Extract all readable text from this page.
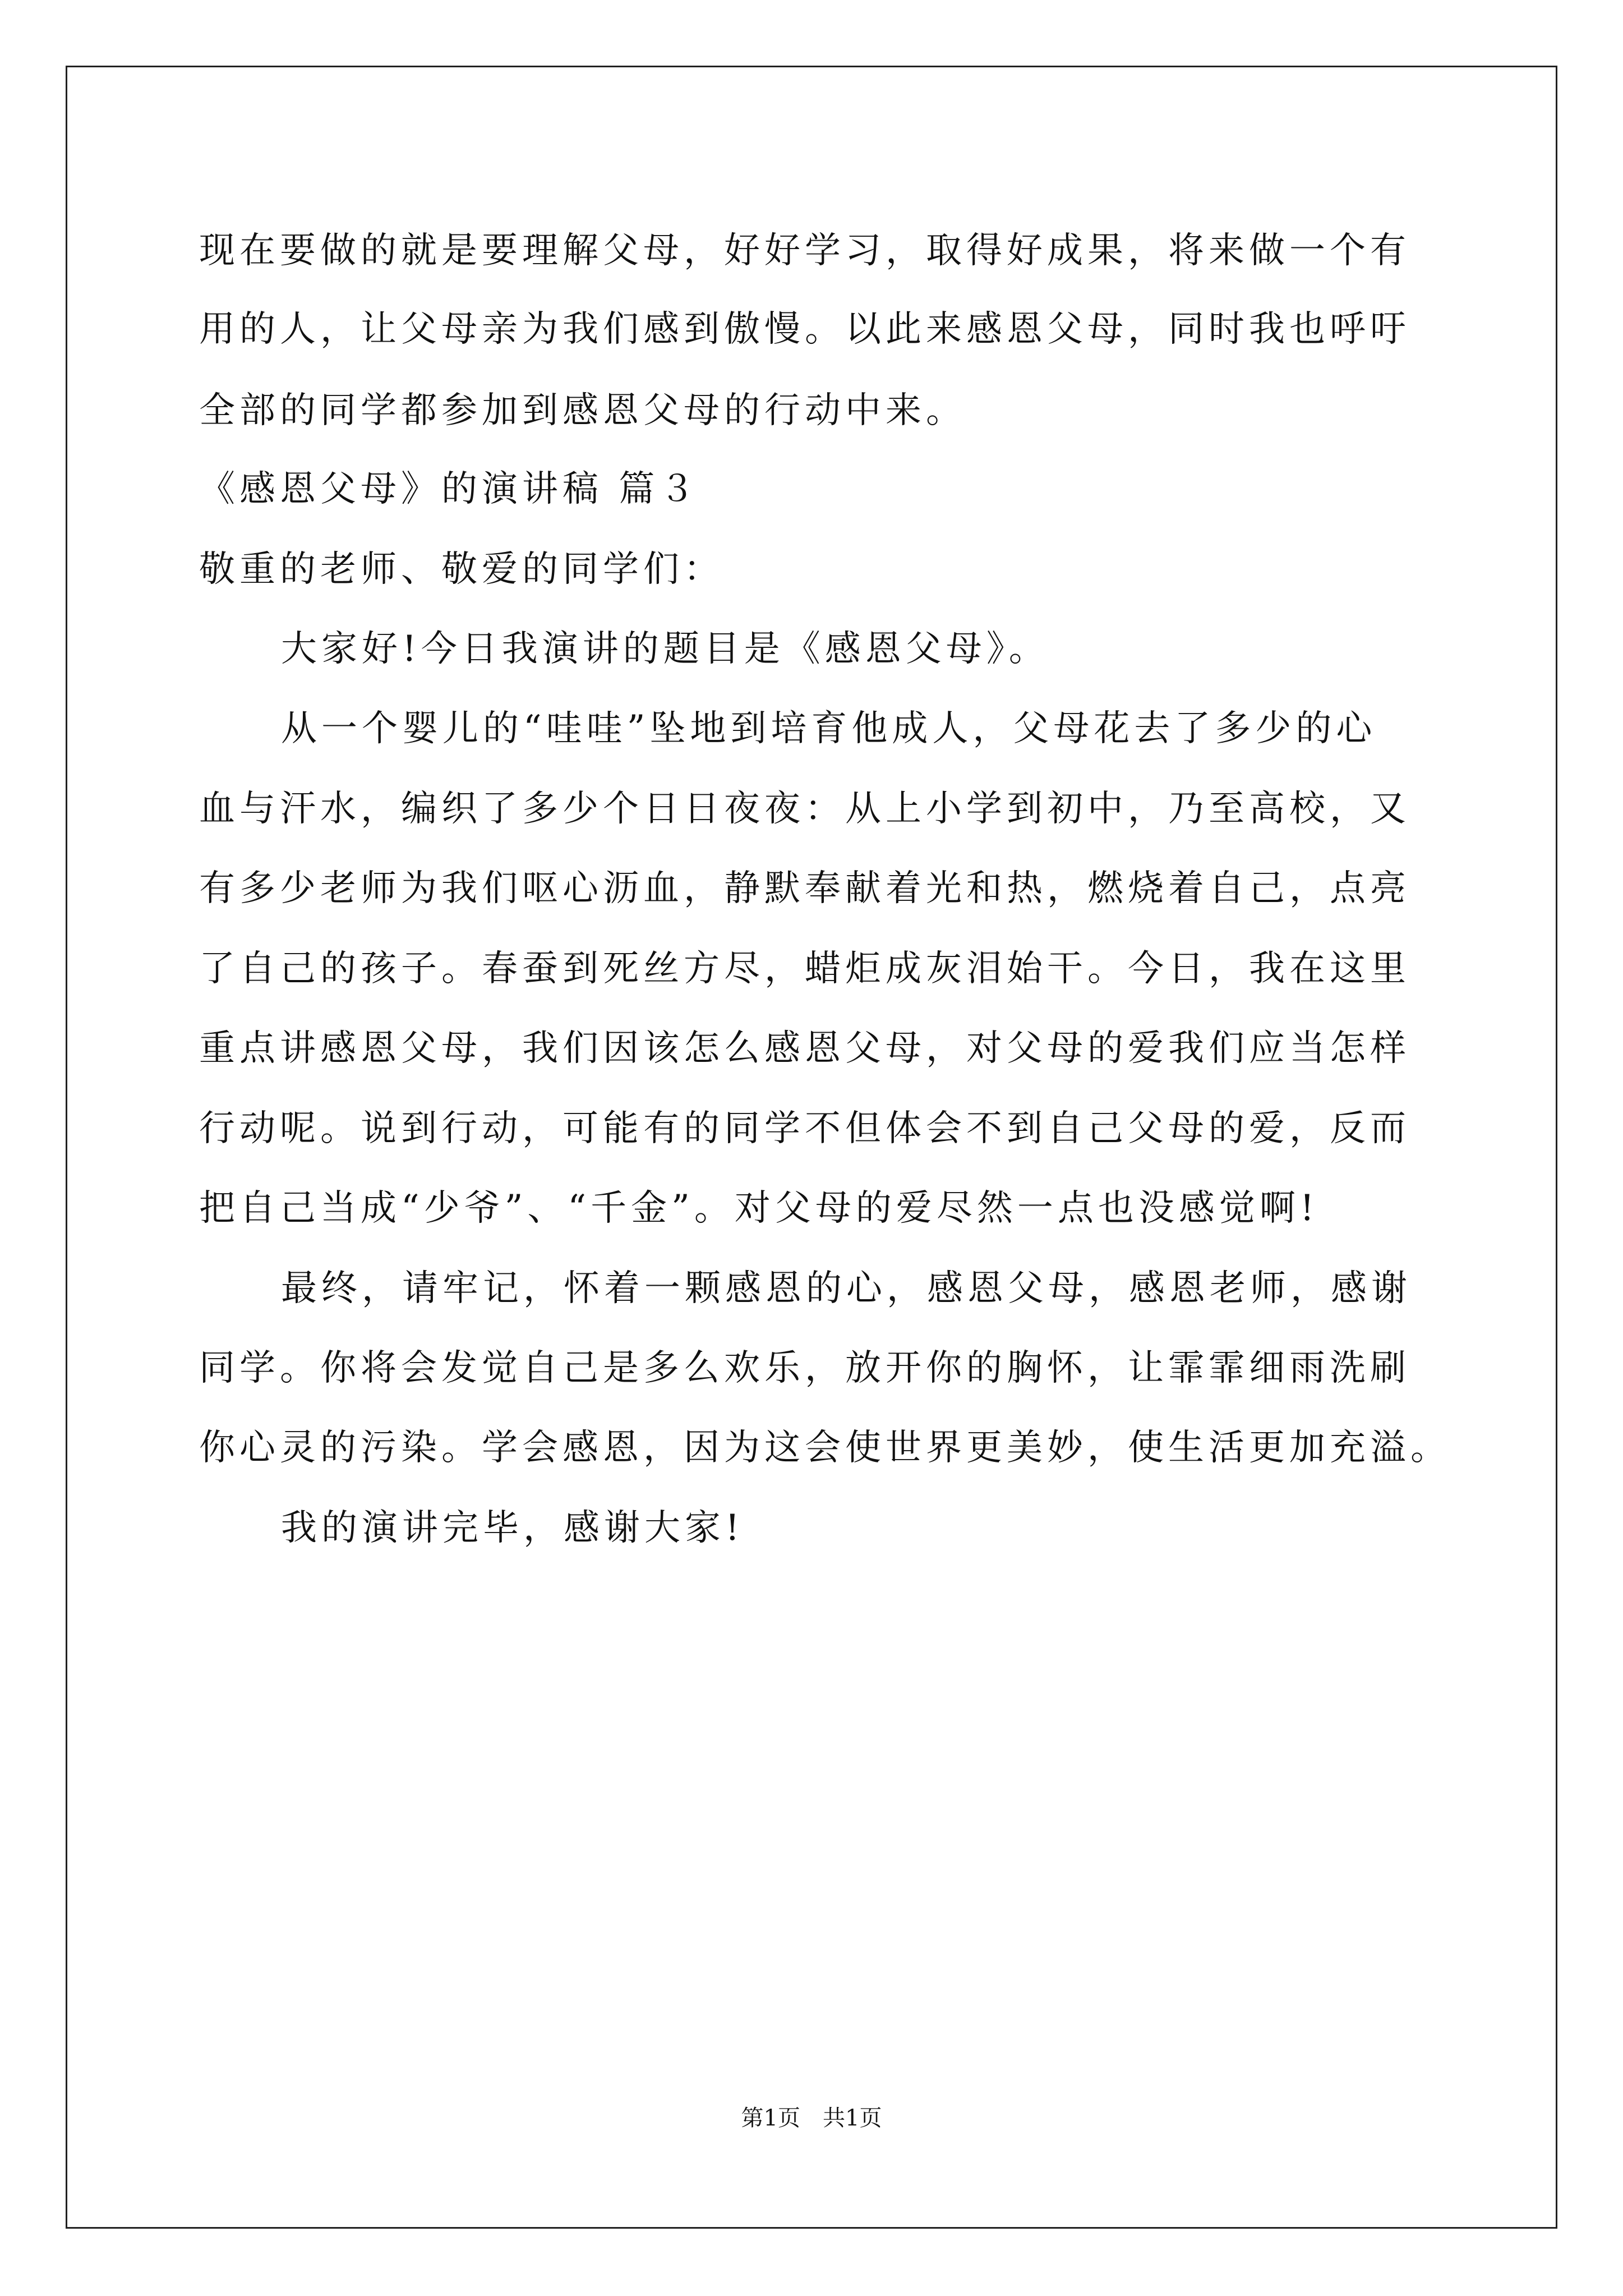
现在要做的就是要理解父母，好好学习，取得好成果，将来做一个有
用的人，让父母亲为我们感到傲慢。以此来感恩父母，同时我也呼吁
全部的同学都参加到感恩父母的行动中来。
《感恩父母》的演讲稿 篇３
敬重的老师、敬爱的同学们：
大家好!今日我演讲的题目是《感恩父母》。
从一个婴儿的“哇哇”坠地到培育他成人，父母花去了多少的心
血与汗水，编织了多少个日日夜夜：从上小学到初中，乃至高校，又
有多少老师为我们呕心沥血，静默奉献着光和热，燃烧着自己，点亮
了自己的孩子。春蚕到死丝方尽，蜡炬成灰泪始干。今日，我在这里
重点讲感恩父母，我们因该怎么感恩父母，对父母的爱我们应当怎样
行动呢。说到行动，可能有的同学不但体会不到自己父母的爱，反而
把自己当成“少爷”、“千金”。对父母的爱尽然一点也没感觉啊!
最终，请牢记，怀着一颗感恩的心，感恩父母，感恩老师，感谢
同学。你将会发觉自己是多么欢乐，放开你的胸怀，让霏霏细雨洗刷
你心灵的污染。学会感恩，因为这会使世界更美妙，使生活更加充溢。
我的演讲完毕，感谢大家!
第1页　共1页
